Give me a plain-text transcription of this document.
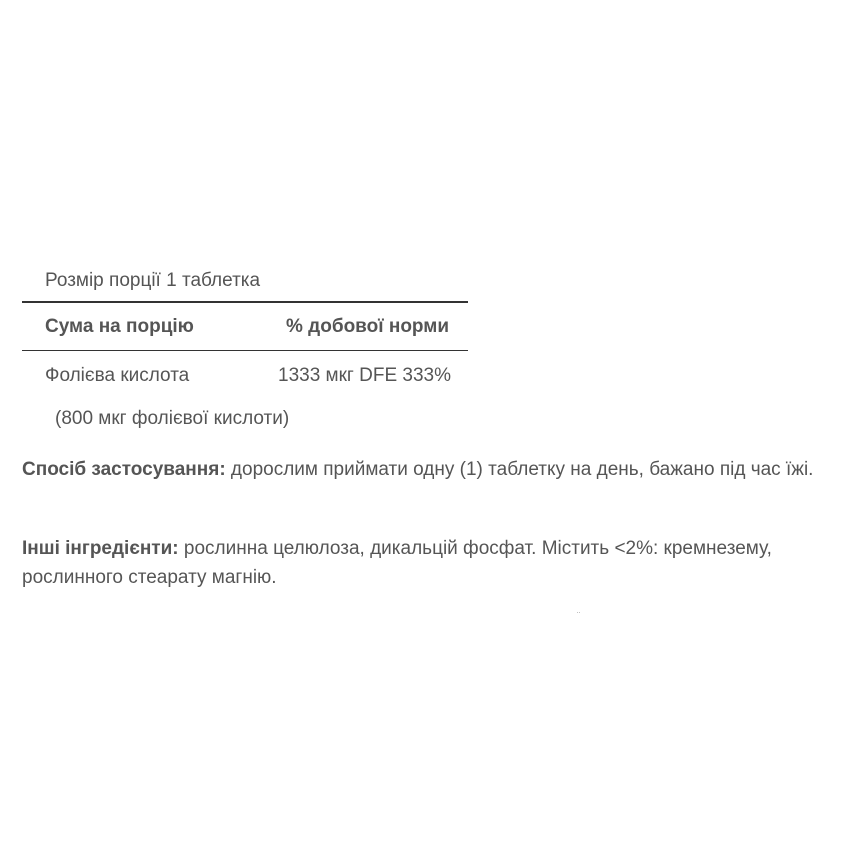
Розмір порції 1 таблетка
Сума на порцію	% добової норми
Фолієва кислота	1333 мкг DFE 333%
(800 мкг фолієвої кислоти)

Спосіб застосування: дорослим приймати одну (1) таблетку на день, бажано під час їжі.

Інші інгредієнти: рослинна целюлоза, дикальцій фосфат. Містить <2%: кремнезему, рослинного стеарату магнію.

¨
